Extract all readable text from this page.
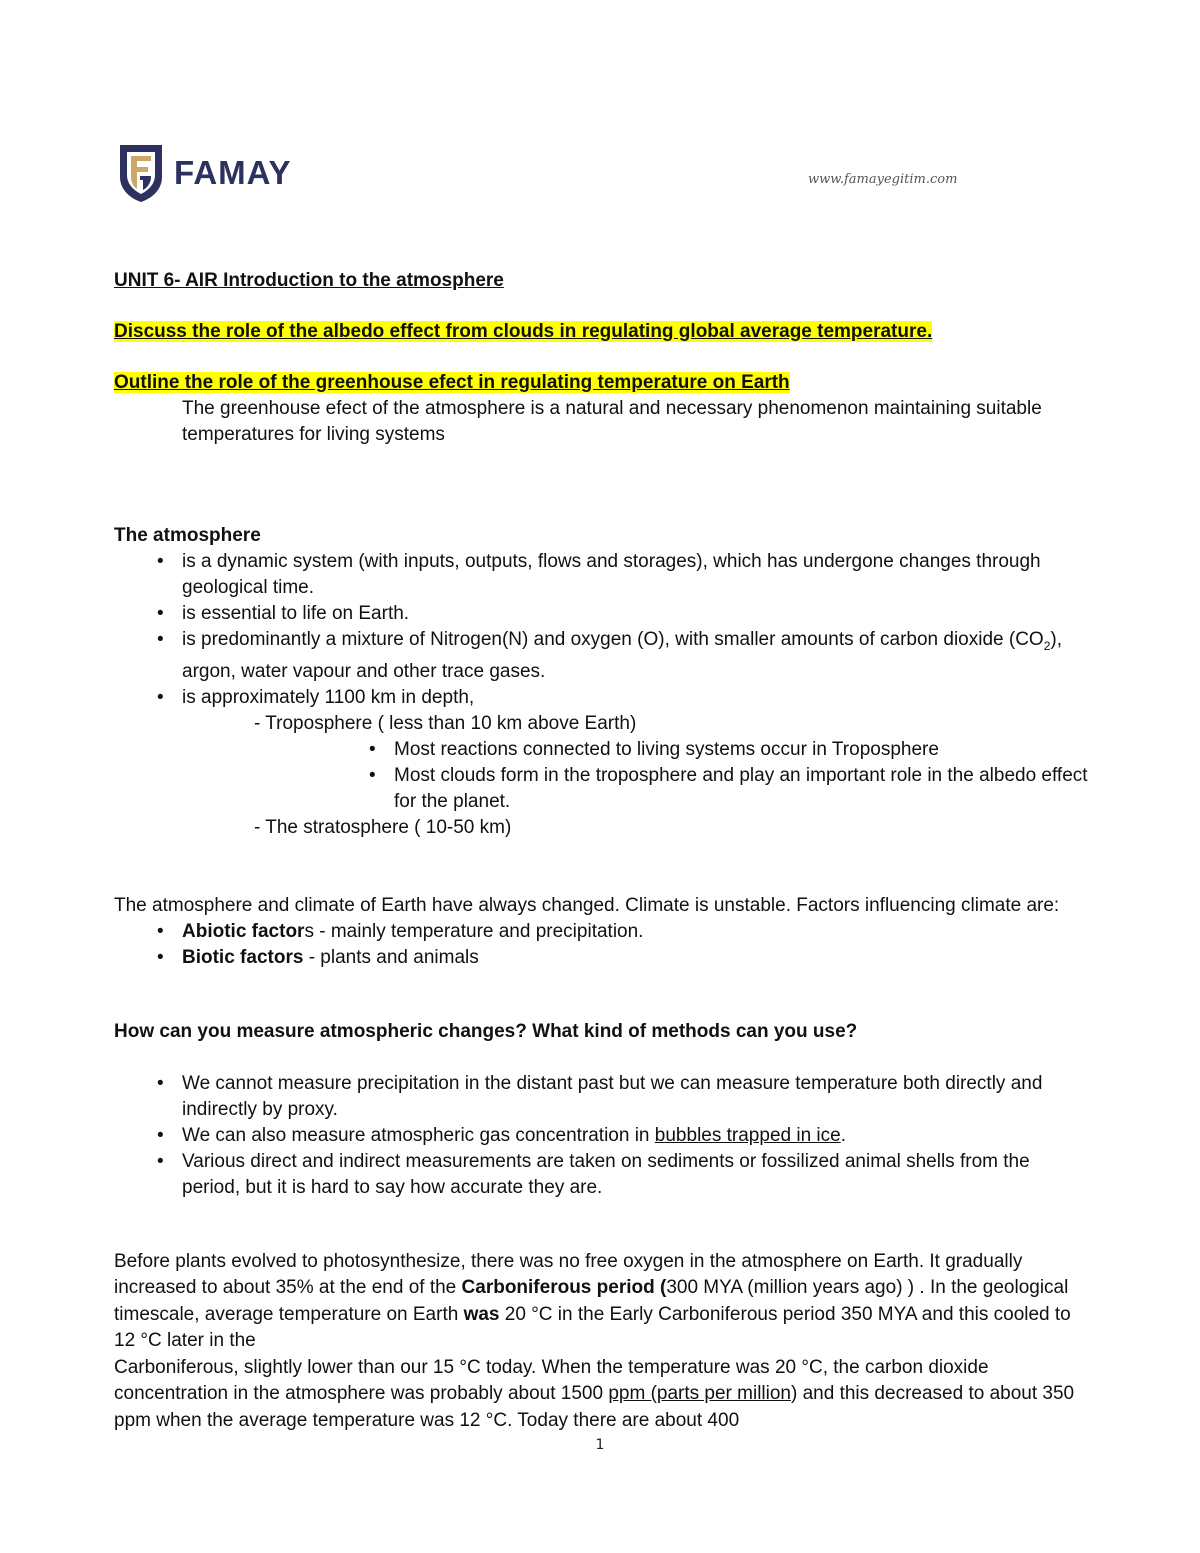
FAMAY	www.famayegitim.com

UNIT 6- AIR Introduction to the atmosphere

Discuss the role of the albedo effect from clouds in regulating global average temperature.
Outline the role of the greenhouse efect in regulating temperature on Earth
The greenhouse efect of the atmosphere is a natural and necessary phenomenon maintaining suitable temperatures for living systems
The atmosphere
• is a dynamic system (with inputs, outputs, flows and storages), which has undergone changes through geological time.
• is essential to life on Earth.
• is predominantly a mixture of Nitrogen(N) and oxygen (O), with smaller amounts of carbon dioxide $(CO_2)$, argon, water vapour and other trace gases.
• is approximately 1100 km in depth,
- Troposphere ( less than 10 km above Earth)
• Most reactions connected to living systems occur in Troposphere
• Most clouds form in the troposphere and play an important role in the albedo effect for the planet.
- The stratosphere ( 10-50 km)

The atmosphere and climate of Earth have always changed. Climate is unstable. Factors influencing climate are:

• Abiotic factors - mainly temperature and precipitation.
• Biotic factors - plants and animals
How can you measure atmospheric changes? What kind of methods can you use?
• We cannot measure precipitation in the distant past but we can measure temperature both directly and indirectly by proxy.
• We can also measure atmospheric gas concentration in bubbles trapped in ice.
• Various direct and indirect measurements are taken on sediments or fossilized animal shells from the period, but it is hard to say how accurate they are.

Before plants evolved to photosynthesize, there was no free oxygen in the atmosphere on Earth. It gradually increased to about 35% at the end of the Carboniferous period (300 MYA (million years ago) ) . In the geological timescale, average temperature on Earth was 20 °C in the Early Carboniferous period 350 MYA and this cooled to 12 °C later in the
Carboniferous, slightly lower than our 15 °C today. When the temperature was 20 °C, the carbon dioxide concentration in the atmosphere was probably about 1500 ppm (parts per million) and this decreased to about 350 ppm when the average temperature was 12 °C. Today there are about 400

1
